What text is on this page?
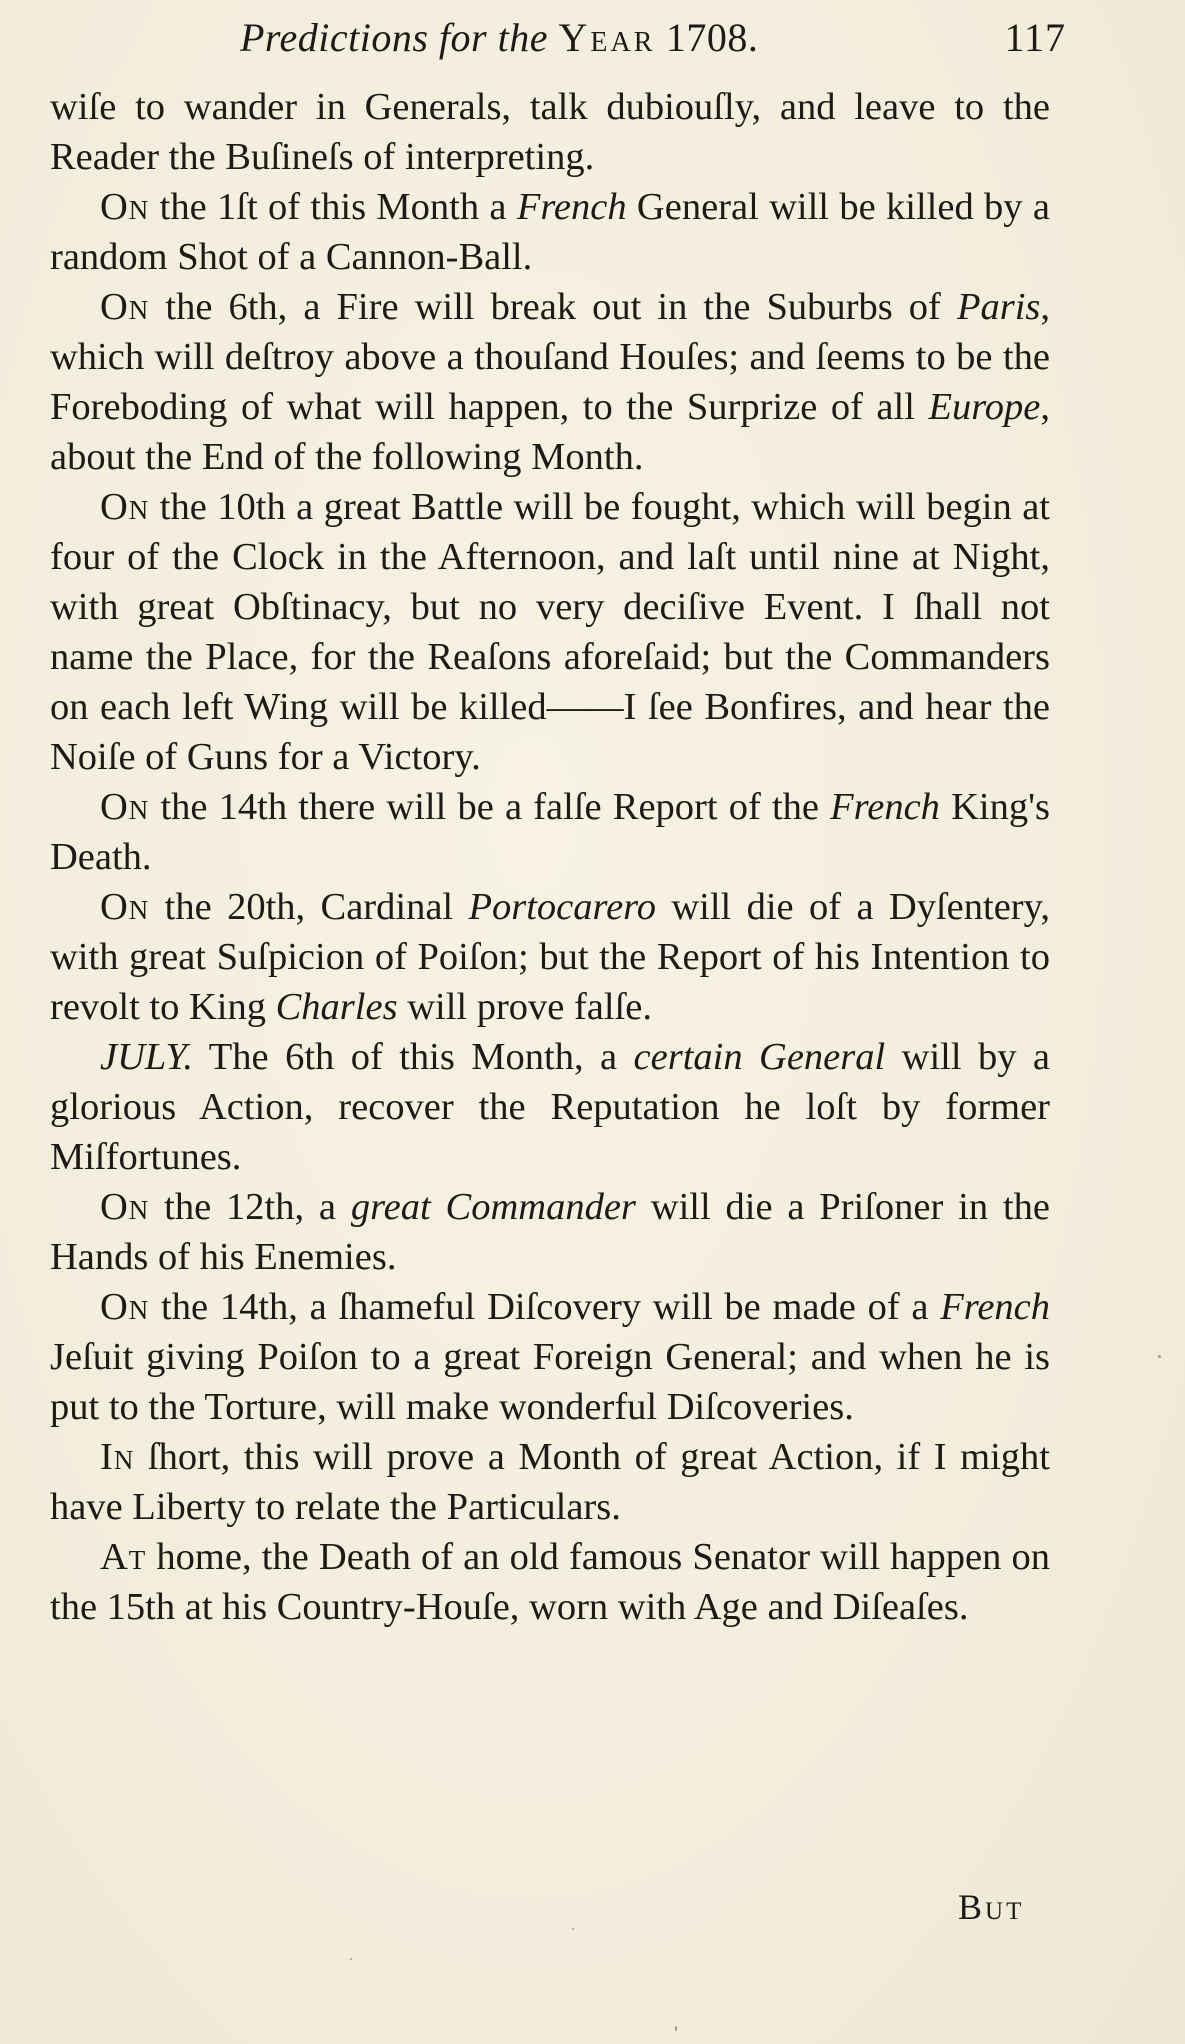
Predictions for the Year 1708.	117

wiſe to wander in Generals, talk dubiouſly, and leave to the Reader the Buſineſs of interpreting.

On the 1ſt of this Month a French General will be killed by a random Shot of a Cannon-Ball.

On the 6th, a Fire will break out in the Suburbs of Paris, which will deſtroy above a thouſand Houſes; and ſeems to be the Foreboding of what will happen, to the Surprize of all Europe, about the End of the following Month.

On the 10th a great Battle will be fought, which will begin at four of the Clock in the Afternoon, and laſt until nine at Night, with great Obſtinacy, but no very deciſive Event. I ſhall not name the Place, for the Reaſons aforeſaid; but the Commanders on each left Wing will be killed——I ſee Bonfires, and hear the Noiſe of Guns for a Victory.

On the 14th there will be a falſe Report of the French King's Death.

On the 20th, Cardinal Portocarero will die of a Dyſentery, with great Suſpicion of Poiſon; but the Report of his Intention to revolt to King Charles will prove falſe.

JULY. The 6th of this Month, a certain General will by a glorious Action, recover the Reputation he loſt by former Miſfortunes.

On the 12th, a great Commander will die a Priſoner in the Hands of his Enemies.

On the 14th, a ſhameful Diſcovery will be made of a French Jeſuit giving Poiſon to a great Foreign General; and when he is put to the Torture, will make wonderful Diſcoveries.

In ſhort, this will prove a Month of great Action, if I might have Liberty to relate the Particulars.

At home, the Death of an old famous Senator will happen on the 15th at his Country-Houſe, worn with Age and Diſeaſes.

But
